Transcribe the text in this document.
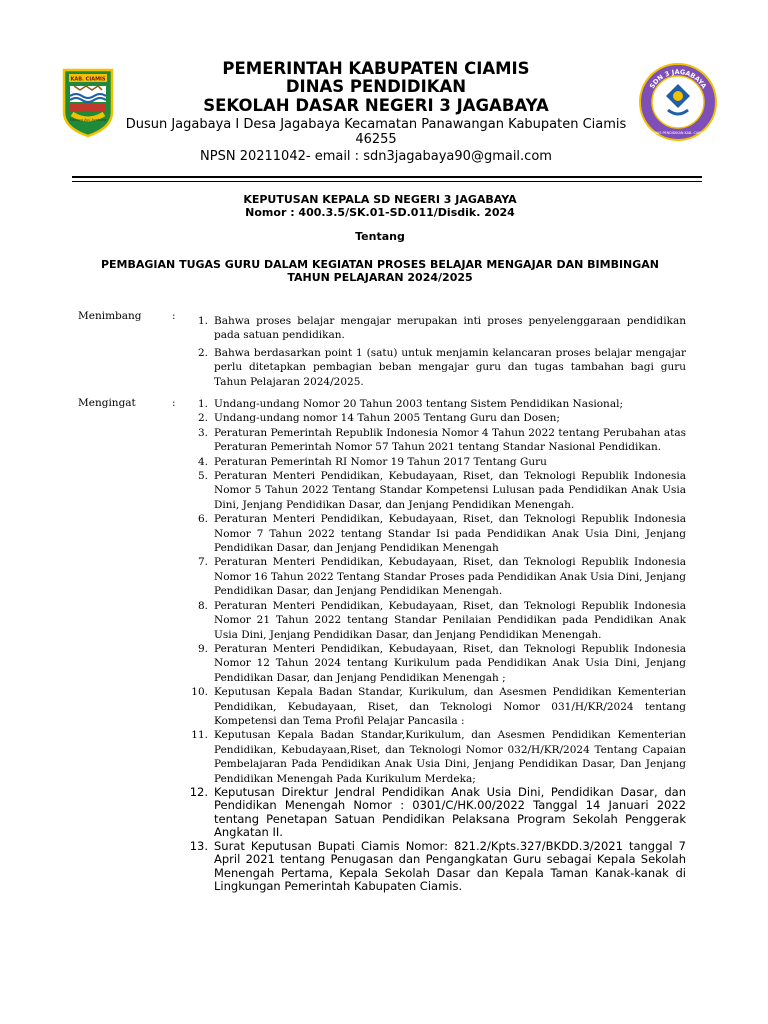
KAB. CIAMIS
Mahayu Ayu Ayahung
PEMERINTAH KABUPATEN CIAMIS
DINAS PENDIDIKAN
SEKOLAH DASAR NEGERI 3 JAGABAYA
Dusun Jagabaya I Desa Jagabaya Kecamatan Panawangan Kabupaten Ciamis 46255
NPSN 20211042- email : sdn3jagabaya90@gmail.com
SDN 3 JAGABAYA
DINAS PENDIDIKAN KAB. CIAMIS
KEPUTUSAN KEPALA SD NEGERI 3 JAGABAYA
Nomor : 400.3.5/SK.01-SD.011/Disdik. 2024
Tentang
PEMBAGIAN TUGAS GURU DALAM KEGIATAN PROSES BELAJAR MENGAJAR DAN BIMBINGAN
TAHUN PELAJARAN 2024/2025
Menimbang	:	1. Bahwa proses belajar mengajar merupakan inti proses penyelenggaraan pendidikan pada satuan pendidikan.
2. Bahwa berdasarkan point 1 (satu) untuk menjamin kelancaran proses belajar mengajar perlu ditetapkan pembagian beban mengajar guru dan tugas tambahan bagi guru Tahun Pelajaran 2024/2025.
Mengingat	:	1. Undang-undang Nomor 20 Tahun 2003 tentang Sistem Pendidikan Nasional;
2. Undang-undang nomor 14 Tahun 2005 Tentang Guru dan Dosen;
3. Peraturan Pemerintah Republik Indonesia Nomor 4 Tahun 2022 tentang Perubahan atas Peraturan Pemerintah Nomor 57 Tahun 2021 tentang Standar Nasional Pendidikan.
4. Peraturan Pemerintah RI Nomor 19 Tahun 2017 Tentang Guru
5. Peraturan Menteri Pendidikan, Kebudayaan, Riset, dan Teknologi Republik Indonesia Nomor 5 Tahun 2022 Tentang Standar Kompetensi Lulusan pada Pendidikan Anak Usia Dini, Jenjang Pendidikan Dasar, dan Jenjang Pendidikan Menengah.
6. Peraturan Menteri Pendidikan, Kebudayaan, Riset, dan Teknologi Republik Indonesia Nomor 7 Tahun 2022 tentang Standar Isi pada Pendidikan Anak Usia Dini, Jenjang Pendidikan Dasar, dan Jenjang Pendidikan Menengah
7. Peraturan Menteri Pendidikan, Kebudayaan, Riset, dan Teknologi Republik Indonesia Nomor 16 Tahun 2022 Tentang Standar Proses pada Pendidikan Anak Usia Dini, Jenjang Pendidikan Dasar, dan Jenjang Pendidikan Menengah.
8. Peraturan Menteri Pendidikan, Kebudayaan, Riset, dan Teknologi Republik Indonesia Nomor 21 Tahun 2022 tentang Standar Penilaian Pendidikan pada Pendidikan Anak Usia Dini, Jenjang Pendidikan Dasar, dan Jenjang Pendidikan Menengah.
9. Peraturan Menteri Pendidikan, Kebudayaan, Riset, dan Teknologi Republik Indonesia Nomor 12 Tahun 2024 tentang Kurikulum pada Pendidikan Anak Usia Dini, Jenjang Pendidikan Dasar, dan Jenjang Pendidikan Menengah ;
10. Keputusan Kepala Badan Standar, Kurikulum, dan Asesmen Pendidikan Kementerian Pendidikan, Kebudayaan, Riset, dan Teknologi Nomor 031/H/KR/2024 tentang Kompetensi dan Tema Profil Pelajar Pancasila :
11. Keputusan Kepala Badan Standar,Kurikulum, dan Asesmen Pendidikan Kementerian Pendidikan, Kebudayaan,Riset, dan Teknologi Nomor 032/H/KR/2024 Tentang Capaian Pembelajaran Pada Pendidikan Anak Usia Dini, Jenjang Pendidikan Dasar, Dan Jenjang Pendidikan Menengah Pada Kurikulum Merdeka;
12. Keputusan Direktur Jendral Pendidikan Anak Usia Dini, Pendidikan Dasar, dan Pendidikan Menengah Nomor : 0301/C/HK.00/2022 Tanggal 14 Januari 2022 tentang Penetapan Satuan Pendidikan Pelaksana Program Sekolah Penggerak Angkatan II.
13. Surat Keputusan Bupati Ciamis Nomor: 821.2/Kpts.327/BKDD.3/2021 tanggal 7 April 2021 tentang Penugasan dan Pengangkatan Guru sebagai Kepala Sekolah Menengah Pertama, Kepala Sekolah Dasar dan Kepala Taman Kanak-kanak di Lingkungan Pemerintah Kabupaten Ciamis.
